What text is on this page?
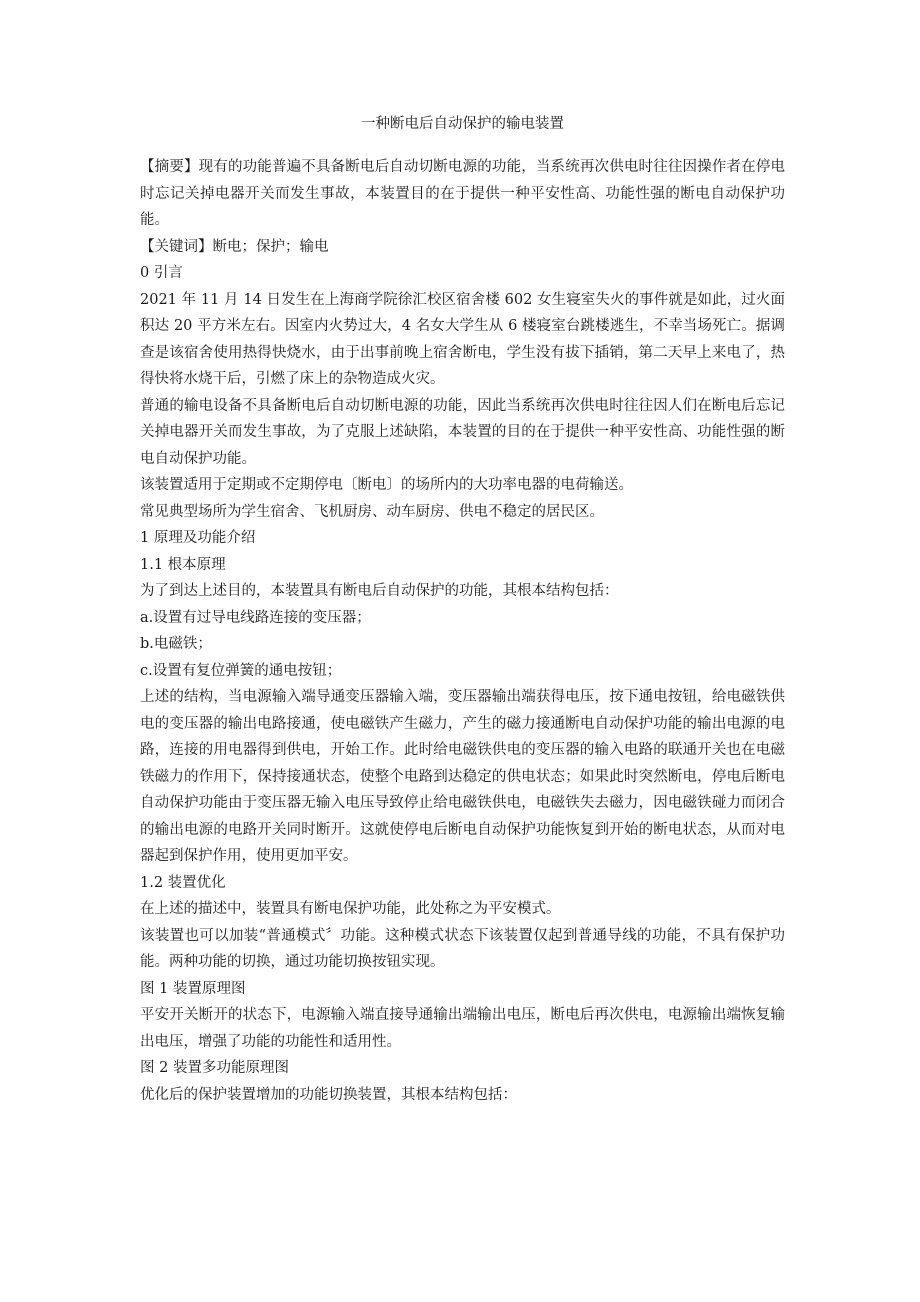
一种断电后自动保护的输电装置

【摘要】现有的功能普遍不具备断电后自动切断电源的功能，当系统再次供电时往往因操作者在停电时忘记关掉电器开关而发生事故，本装置目的在于提供一种平安性高、功能性强的断电自动保护功能。

【关键词】断电；保护；输电

0 引言

2021 年 11 月 14 日发生在上海商学院徐汇校区宿舍楼 602 女生寝室失火的事件就是如此，过火面积达 20 平方米左右。因室内火势过大，4 名女大学生从 6 楼寝室台跳楼逃生，不幸当场死亡。据调查是该宿舍使用热得快烧水，由于出事前晚上宿舍断电，学生没有拔下插销，第二天早上来电了，热得快将水烧干后，引燃了床上的杂物造成火灾。

普通的输电设备不具备断电后自动切断电源的功能，因此当系统再次供电时往往因人们在断电后忘记关掉电器开关而发生事故，为了克服上述缺陷，本装置的目的在于提供一种平安性高、功能性强的断电自动保护功能。

该装置适用于定期或不定期停电〔断电〕的场所内的大功率电器的电荷输送。

常见典型场所为学生宿舍、飞机厨房、动车厨房、供电不稳定的居民区。

1 原理及功能介绍

1.1 根本原理

为了到达上述目的，本装置具有断电后自动保护的功能，其根本结构包括：

a.设置有过导电线路连接的变压器；

b.电磁铁；

c.设置有复位弹簧的通电按钮；

上述的结构，当电源输入端导通变压器输入端，变压器输出端获得电压，按下通电按钮，给电磁铁供电的变压器的输出电路接通，使电磁铁产生磁力，产生的磁力接通断电自动保护功能的输出电源的电路，连接的用电器得到供电，开始工作。此时给电磁铁供电的变压器的输入电路的联通开关也在电磁铁磁力的作用下，保持接通状态，使整个电路到达稳定的供电状态；如果此时突然断电，停电后断电自动保护功能由于变压器无输入电压导致停止给电磁铁供电，电磁铁失去磁力，因电磁铁碰力而闭合的输出电源的电路开关同时断开。这就使停电后断电自动保护功能恢复到开始的断电状态，从而对电器起到保护作用，使用更加平安。

1.2 装置优化

在上述的描述中，装置具有断电保护功能，此处称之为平安模式。

该装置也可以加装“普通模式〞功能。这种模式状态下该装置仅起到普通导线的功能，不具有保护功能。两种功能的切换，通过功能切换按钮实现。

图 1 装置原理图

平安开关断开的状态下，电源输入端直接导通输出端输出电压，断电后再次供电，电源输出端恢复输出电压，增强了功能的功能性和适用性。

图 2 装置多功能原理图

优化后的保护装置增加的功能切换装置，其根本结构包括：
